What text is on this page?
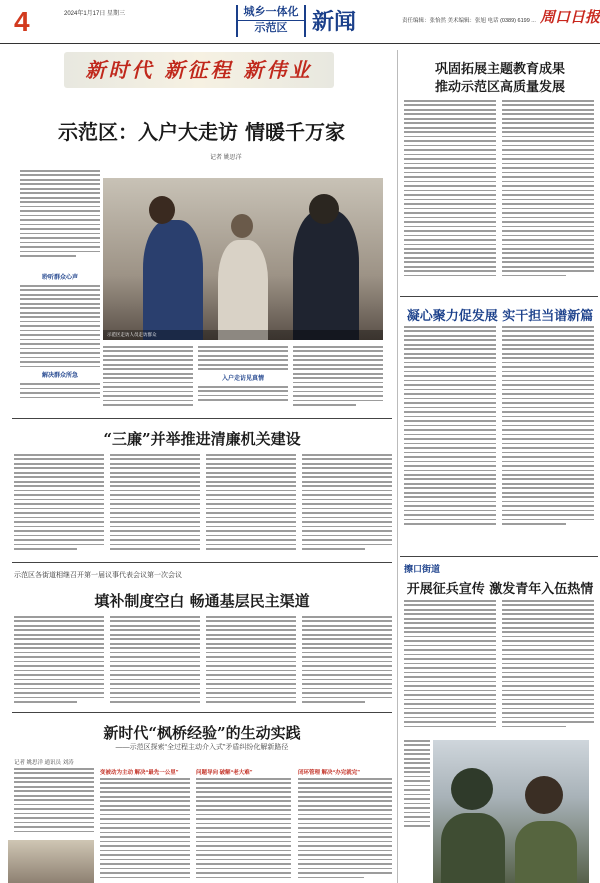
4	2024年1月17日 星期三	城乡一体化
示范区	新闻	责任编辑：张怡然 美术编辑：张旭 电话 (0389) 6199 ... 周口日报
新时代 新征程 新伟业
示范区：入户大走访 情暖千万家
记者 姚思洋
聆听群众心声
解决群众所急
示范区走访人员走访群众
入户走访见真情
巩固拓展主题教育成果
推动示范区高质量发展
凝心聚力促发展 实干担当谱新篇
擦口街道
开展征兵宣传 激发青年入伍热情
“三廉”并举推进清廉机关建设
示范区各街道相继召开第一届议事代表会议第一次会议
填补制度空白 畅通基层民主渠道
新时代“枫桥经验”的生动实践
——示范区探索“全过程主动介入式”矛盾纠纷化解新路径
记者 姚思洋 通讯员 刘涛
变被动为主动 解决“最先一公里”	问题导向 破解“老大难”	闭环管理 解决“办完就完”
